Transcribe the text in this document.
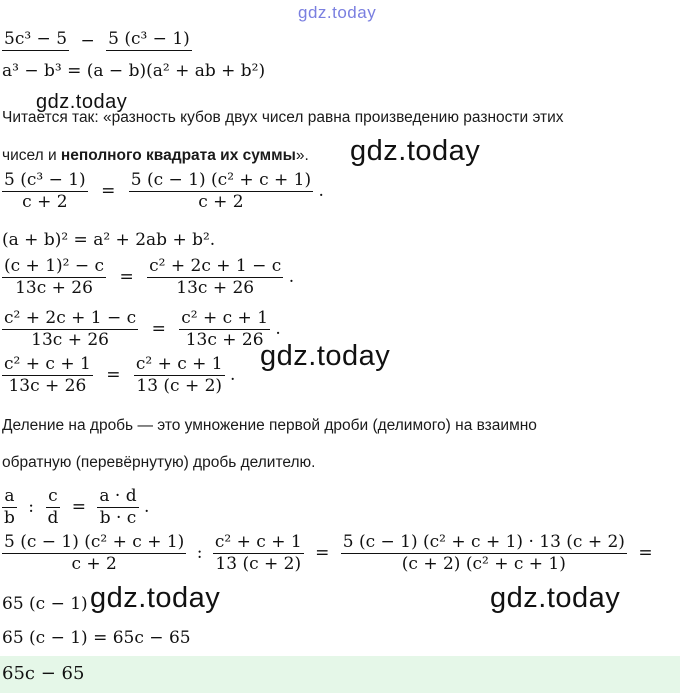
gdz.today
5c³ − 5 − 5 (c³ − 1)
a³ − b³ = (a − b)(a² + ab + b²)
gdz.today
Читается так: «разность кубов двух чисел равна произведению разности этих
чисел и неполного квадрата их суммы». gdz.today
$\frac{\text{5 (c³ − 1)}}{c + 2} = \frac{\text{5 (c − 1) (c² + c + 1)}}{c + 2}$ .
(a + b)² = a² + 2ab + b².
$\frac{\text{(c + 1)² − c}}{13c + 26} = \frac{\text{c² + 2c + 1 − c}}{13c + 26}$ .
$\frac{\text{c² + 2c + 1 − c}}{13c + 26} = \frac{\text{c² + c + 1}}{13c + 26}$ .
gdz.today
$\frac{\text{c² + c + 1}}{13c + 26} = \frac{\text{c² + c + 1}}{13 (c + 2)}$ .
Деление на дробь — это умножение первой дроби (делимого) на взаимно
обратную (перевёрнутую) дробь делителю.
$\frac{a}{b}$ : $\frac{c}{d} = \frac{a \cdot d}{b \cdot c}$ .
$\frac{\text{5 (c − 1) (c² + c + 1)}}{c + 2}$ : $\frac{\text{c² + c + 1}}{13 (c + 2)} = \frac{\text{5 (c − 1) (c² + c + 1) · 13 (c + 2)}}{\text{(c + 2) (c² + c + 1)}}$ =
65 (c − 1) gdz.today	gdz.today
65 (c − 1) = 65c − 65
65c − 65
